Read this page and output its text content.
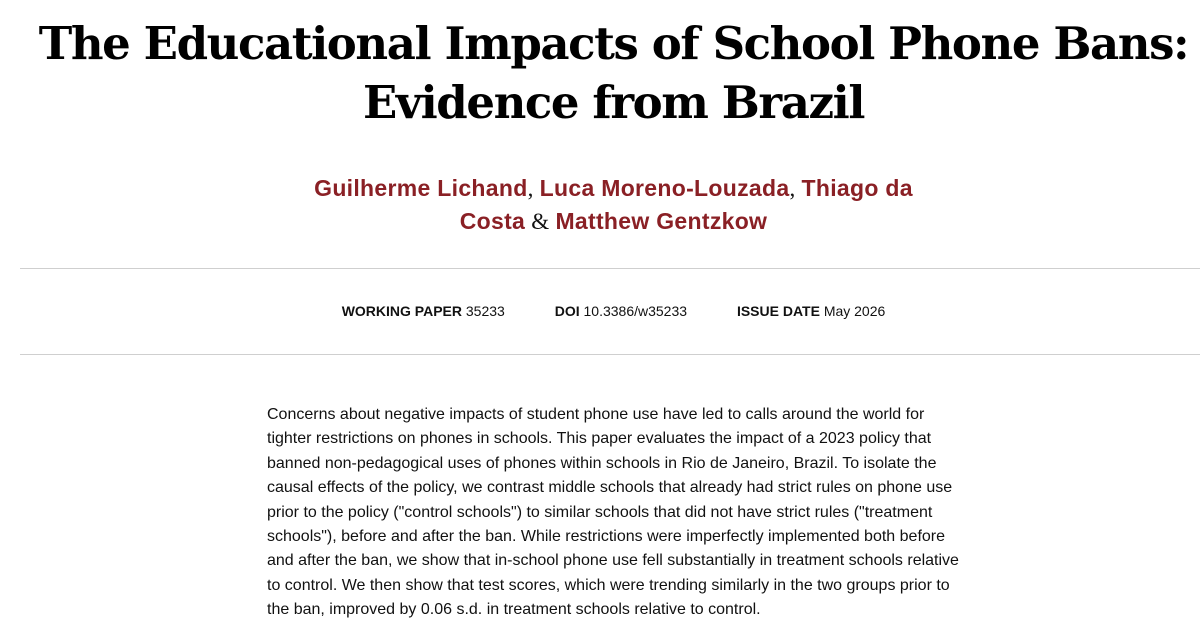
The Educational Impacts of School Phone Bans:
Evidence from Brazil
Guilherme Lichand, Luca Moreno-Louzada, Thiago da
Costa & Matthew Gentzkow
WORKING PAPER 35233	DOI 10.3386/w35233	ISSUE DATE May 2026
Concerns about negative impacts of student phone use have led to calls around the world for
tighter restrictions on phones in schools. This paper evaluates the impact of a 2023 policy that
banned non-pedagogical uses of phones within schools in Rio de Janeiro, Brazil. To isolate the
causal effects of the policy, we contrast middle schools that already had strict rules on phone use
prior to the policy ("control schools") to similar schools that did not have strict rules ("treatment
schools"), before and after the ban. While restrictions were imperfectly implemented both before
and after the ban, we show that in-school phone use fell substantially in treatment schools relative
to control. We then show that test scores, which were trending similarly in the two groups prior to
the ban, improved by 0.06 s.d. in treatment schools relative to control.
